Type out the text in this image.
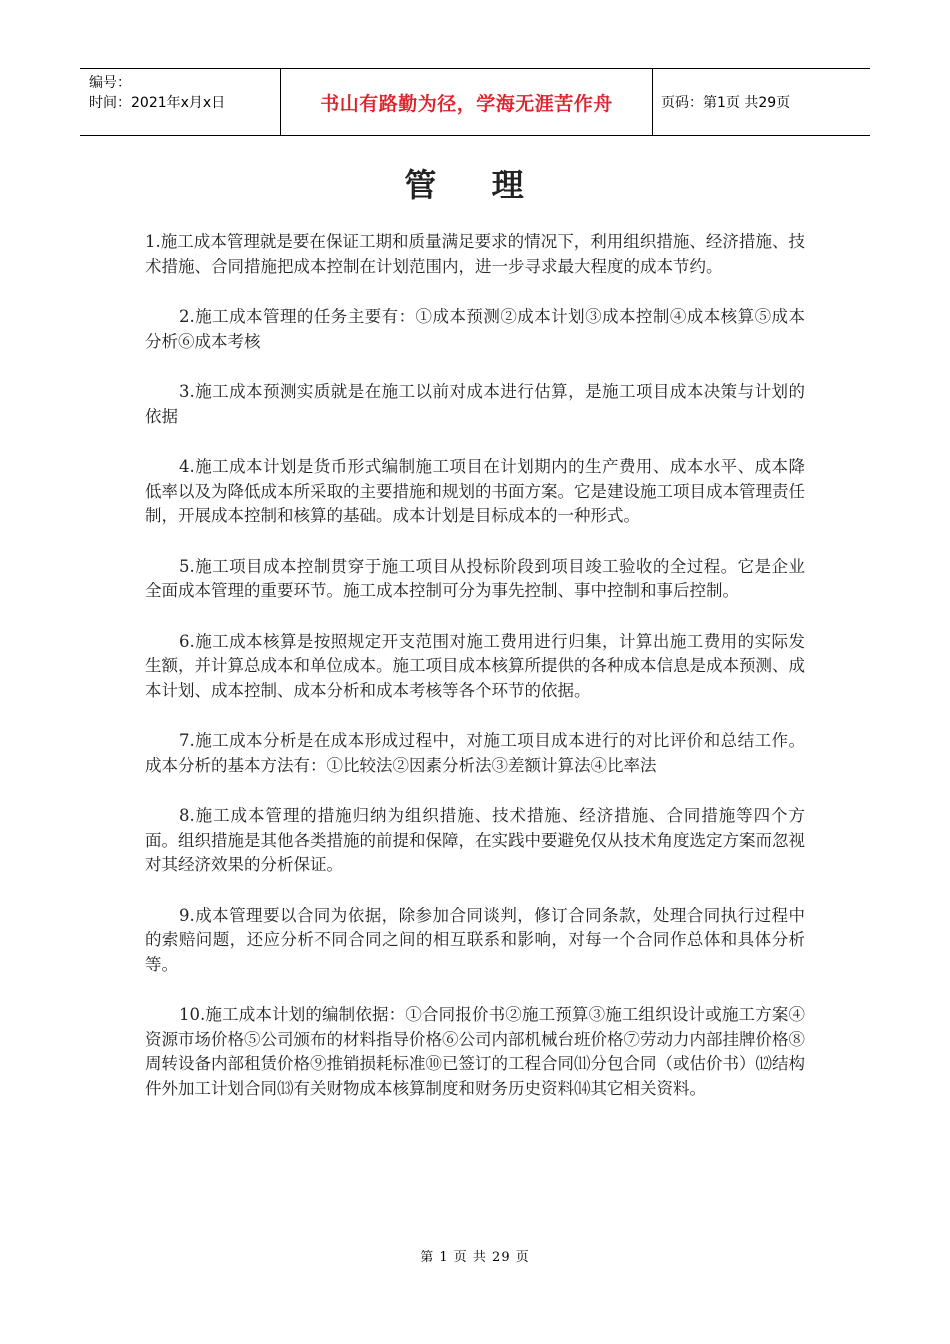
编号：
时间：2021年x月x日	书山有路勤为径，学海无涯苦作舟	页码：第1页 共29页
管 理

1.施工成本管理就是要在保证工期和质量满足要求的情况下，利用组织措施、经济措施、技术措施、合同措施把成本控制在计划范围内，进一步寻求最大程度的成本节约。

2.施工成本管理的任务主要有：①成本预测②成本计划③成本控制④成本核算⑤成本分析⑥成本考核

3.施工成本预测实质就是在施工以前对成本进行估算，是施工项目成本决策与计划的依据

4.施工成本计划是货币形式编制施工项目在计划期内的生产费用、成本水平、成本降低率以及为降低成本所采取的主要措施和规划的书面方案。它是建设施工项目成本管理责任制，开展成本控制和核算的基础。成本计划是目标成本的一种形式。

5.施工项目成本控制贯穿于施工项目从投标阶段到项目竣工验收的全过程。它是企业全面成本管理的重要环节。施工成本控制可分为事先控制、事中控制和事后控制。

6.施工成本核算是按照规定开支范围对施工费用进行归集，计算出施工费用的实际发生额，并计算总成本和单位成本。施工项目成本核算所提供的各种成本信息是成本预测、成本计划、成本控制、成本分析和成本考核等各个环节的依据。

7.施工成本分析是在成本形成过程中，对施工项目成本进行的对比评价和总结工作。成本分析的基本方法有：①比较法②因素分析法③差额计算法④比率法

8.施工成本管理的措施归纳为组织措施、技术措施、经济措施、合同措施等四个方面。组织措施是其他各类措施的前提和保障，在实践中要避免仅从技术角度选定方案而忽视对其经济效果的分析保证。

9.成本管理要以合同为依据，除参加合同谈判，修订合同条款，处理合同执行过程中的索赔问题，还应分析不同合同之间的相互联系和影响，对每一个合同作总体和具体分析等。

10.施工成本计划的编制依据：①合同报价书②施工预算③施工组织设计或施工方案④资源市场价格⑤公司颁布的材料指导价格⑥公司内部机械台班价格⑦劳动力内部挂牌价格⑧周转设备内部租赁价格⑨推销损耗标准⑩已签订的工程合同⑾分包合同（或估价书）⑿结构件外加工计划合同⒀有关财物成本核算制度和财务历史资料⒁其它相关资料。

第 1 页 共 29 页
